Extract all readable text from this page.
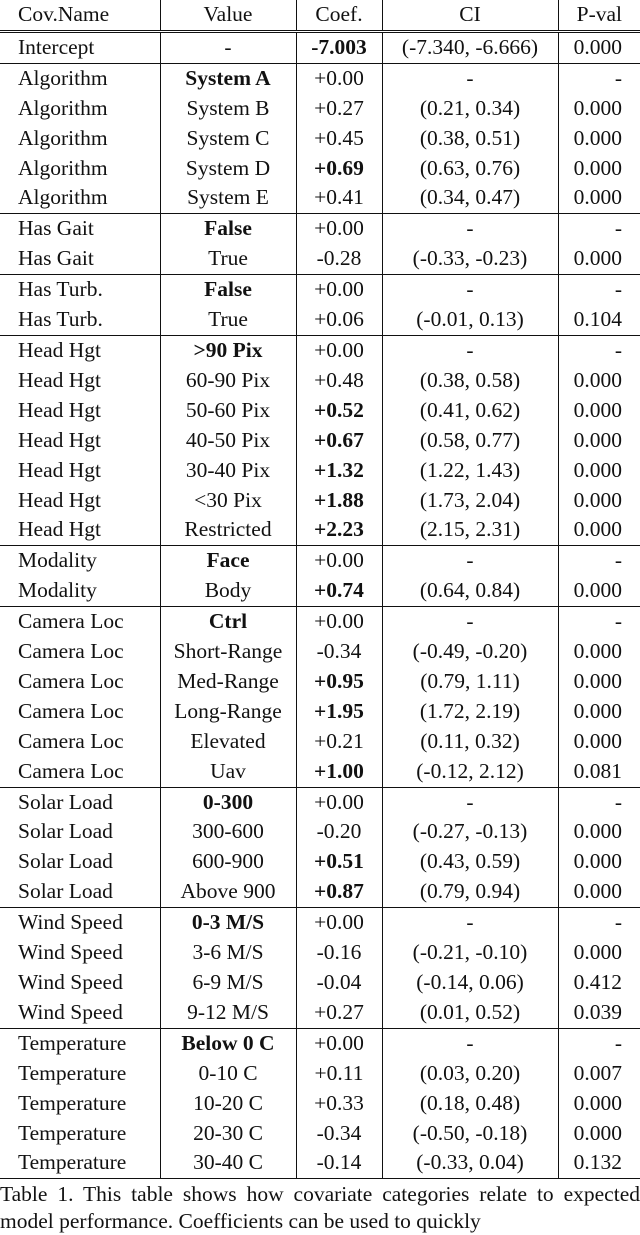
Cov.Name	Value	Coef.	CI	P-val
Intercept	-	-7.003	(-7.340, -6.666)	0.000
Algorithm	System A	+0.00	-	-
Algorithm	System B	+0.27	(0.21, 0.34)	0.000
Algorithm	System C	+0.45	(0.38, 0.51)	0.000
Algorithm	System D	+0.69	(0.63, 0.76)	0.000
Algorithm	System E	+0.41	(0.34, 0.47)	0.000
Has Gait	False	+0.00	-	-
Has Gait	True	-0.28	(-0.33, -0.23)	0.000
Has Turb.	False	+0.00	-	-
Has Turb.	True	+0.06	(-0.01, 0.13)	0.104
Head Hgt	>90 Pix	+0.00	-	-
Head Hgt	60-90 Pix	+0.48	(0.38, 0.58)	0.000
Head Hgt	50-60 Pix	+0.52	(0.41, 0.62)	0.000
Head Hgt	40-50 Pix	+0.67	(0.58, 0.77)	0.000
Head Hgt	30-40 Pix	+1.32	(1.22, 1.43)	0.000
Head Hgt	<30 Pix	+1.88	(1.73, 2.04)	0.000
Head Hgt	Restricted	+2.23	(2.15, 2.31)	0.000
Modality	Face	+0.00	-	-
Modality	Body	+0.74	(0.64, 0.84)	0.000
Camera Loc	Ctrl	+0.00	-	-
Camera Loc	Short-Range	-0.34	(-0.49, -0.20)	0.000
Camera Loc	Med-Range	+0.95	(0.79, 1.11)	0.000
Camera Loc	Long-Range	+1.95	(1.72, 2.19)	0.000
Camera Loc	Elevated	+0.21	(0.11, 0.32)	0.000
Camera Loc	Uav	+1.00	(-0.12, 2.12)	0.081
Solar Load	0-300	+0.00	-	-
Solar Load	300-600	-0.20	(-0.27, -0.13)	0.000
Solar Load	600-900	+0.51	(0.43, 0.59)	0.000
Solar Load	Above 900	+0.87	(0.79, 0.94)	0.000
Wind Speed	0-3 M/S	+0.00	-	-
Wind Speed	3-6 M/S	-0.16	(-0.21, -0.10)	0.000
Wind Speed	6-9 M/S	-0.04	(-0.14, 0.06)	0.412
Wind Speed	9-12 M/S	+0.27	(0.01, 0.52)	0.039
Temperature	Below 0 C	+0.00	-	-
Temperature	0-10 C	+0.11	(0.03, 0.20)	0.007
Temperature	10-20 C	+0.33	(0.18, 0.48)	0.000
Temperature	20-30 C	-0.34	(-0.50, -0.18)	0.000
Temperature	30-40 C	-0.14	(-0.33, 0.04)	0.132

Table 1. This table shows how covariate categories relate to expected model performance. Coefficients can be used to quickly
